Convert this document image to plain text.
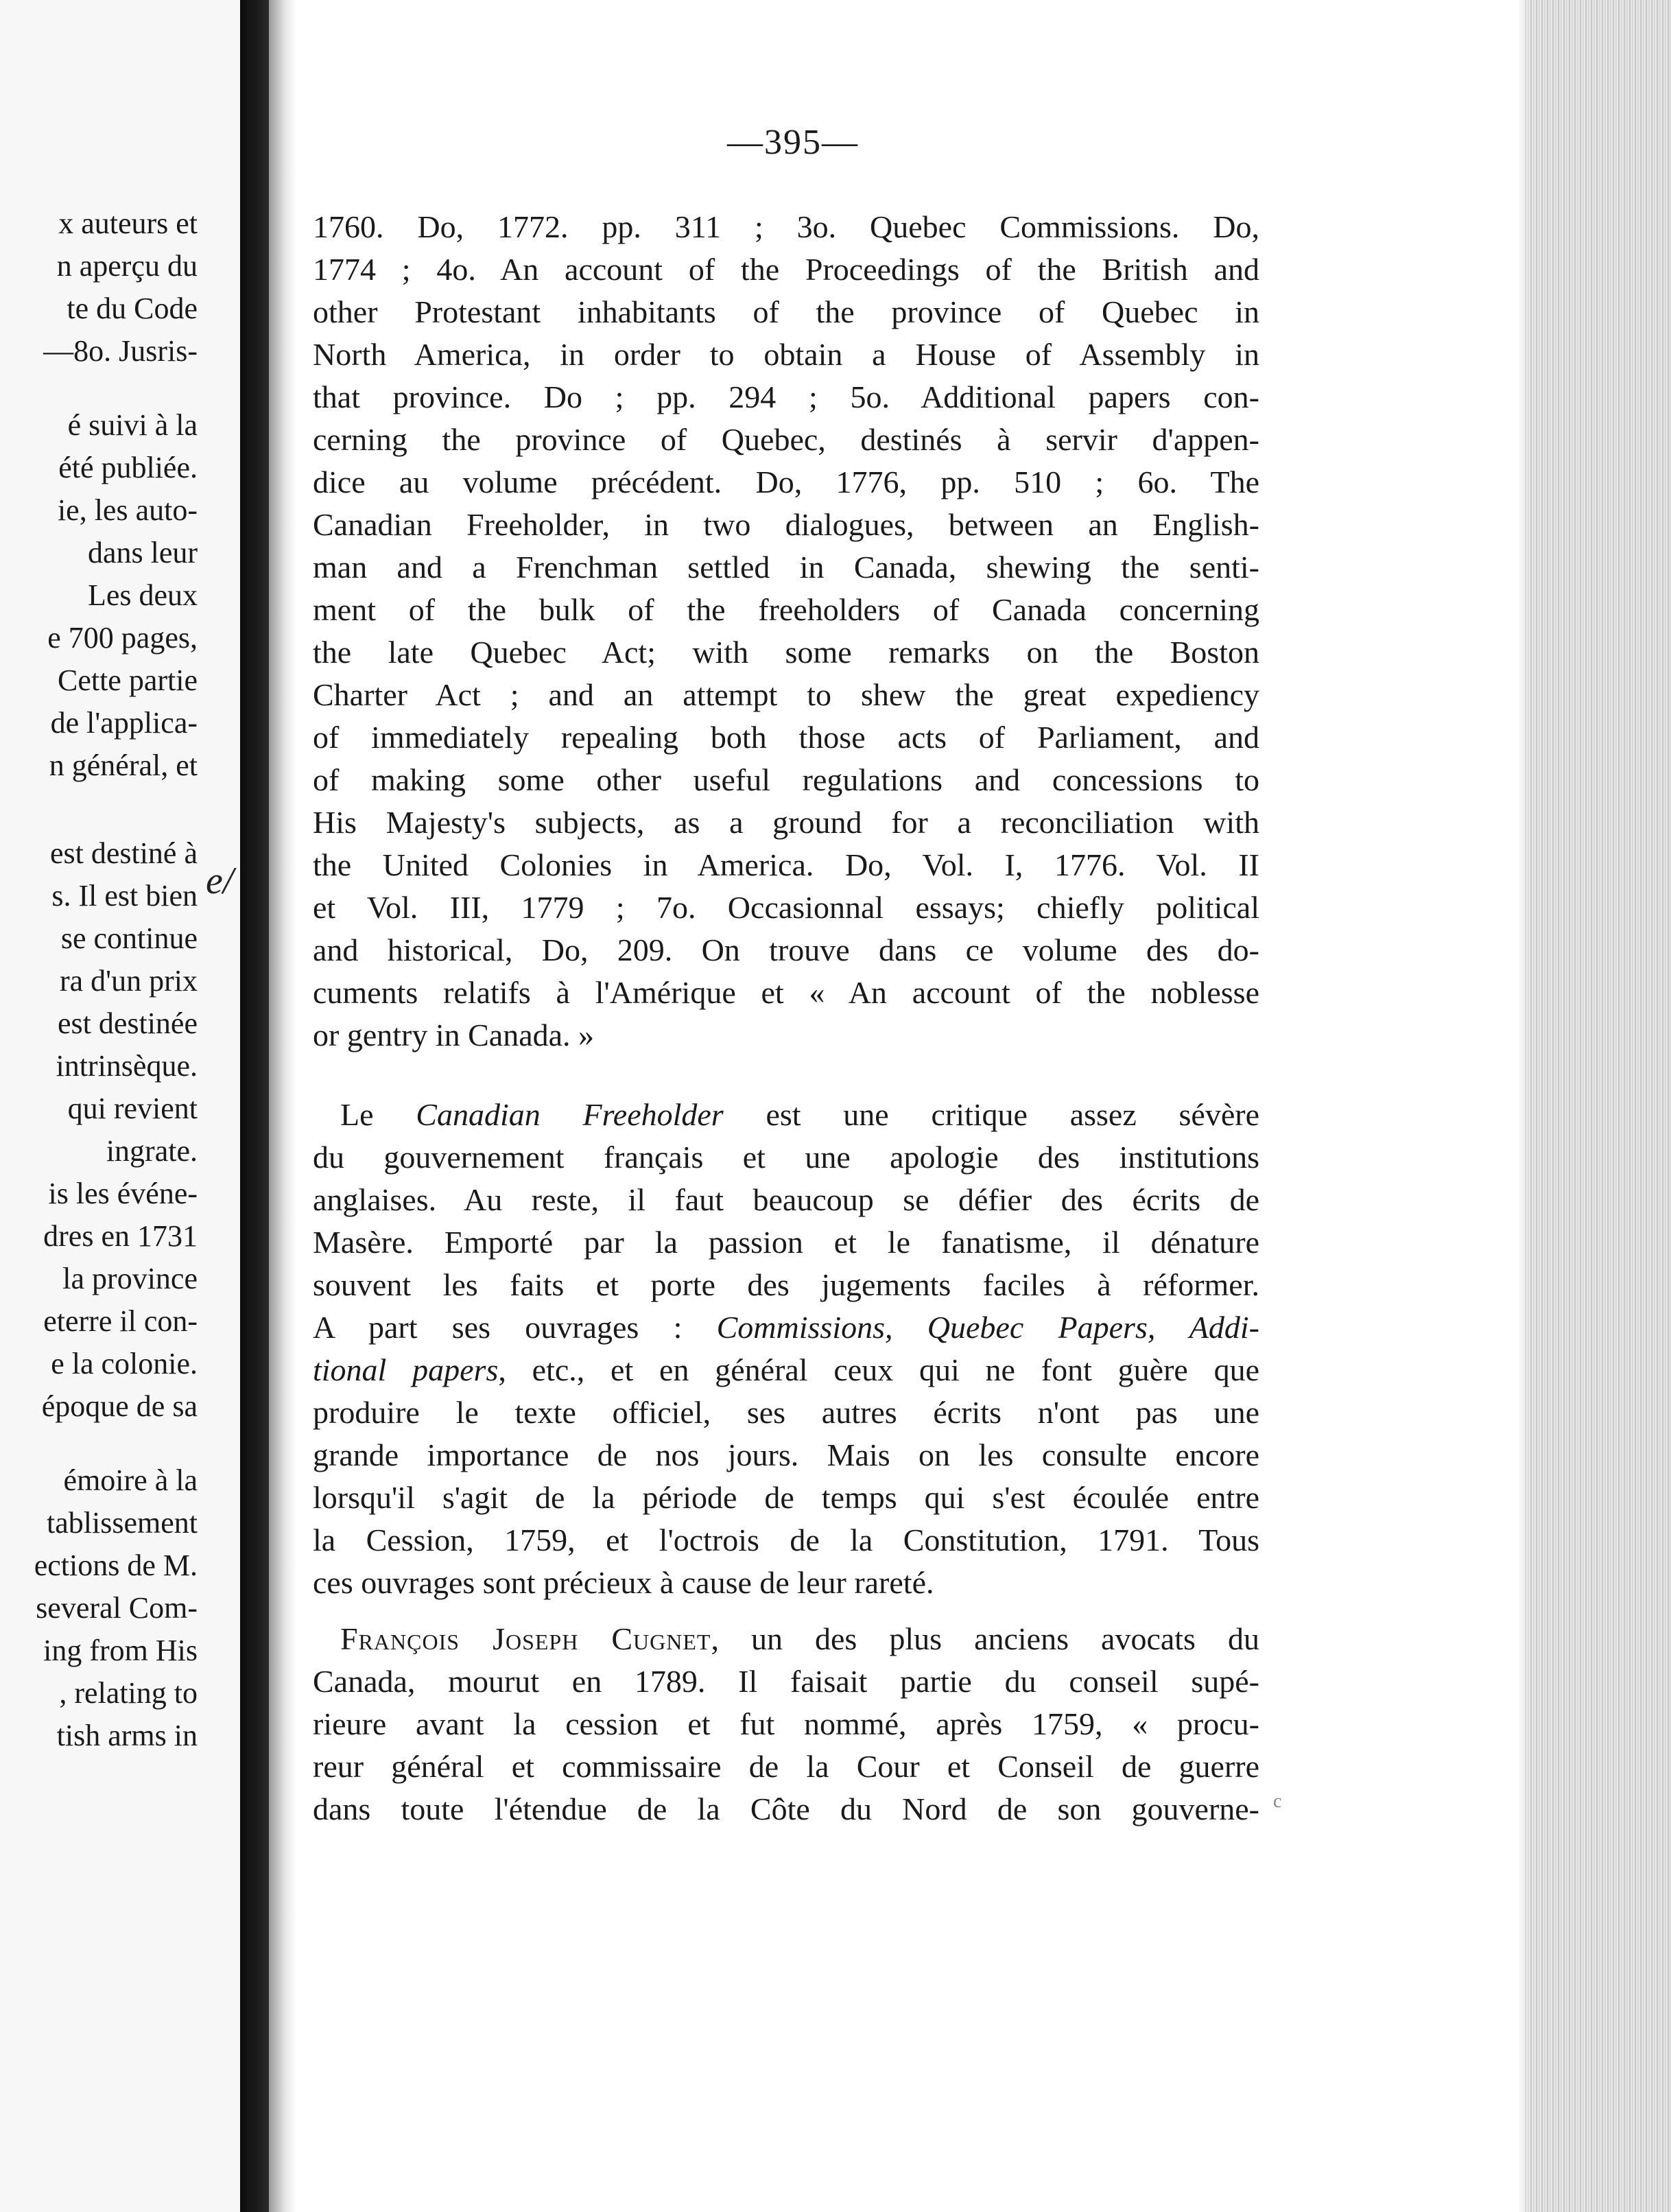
x auteurs et
n aperçu du
te du Code
—8o. Jusris-
é suivi à la
été publiée.
ie, les auto-
dans leur
Les deux
e 700 pages,
Cette partie
de l'applica-
n général, et
est destiné à
s. Il est bien
se continue
ra d'un prix
est destinée
intrinsèque.
qui revient
ingrate.
is les événe-
dres en 1731
la province
eterre il con-
e la colonie.
époque de sa
émoire à la
tablissement
ections de M.
several Com-
ing from His
, relating to
tish arms in
e/
—395—
1760. Do, 1772. pp. 311 ; 3o. Quebec Commissions. Do,
1774 ; 4o. An account of the Proceedings of the British and
other Protestant inhabitants of the province of Quebec in
North America, in order to obtain a House of Assembly in
that province. Do ; pp. 294 ; 5o. Additional papers con-
cerning the province of Quebec, destinés à servir d'appen-
dice au volume précédent. Do, 1776, pp. 510 ; 6o. The
Canadian Freeholder, in two dialogues, between an English-
man and a Frenchman settled in Canada, shewing the senti-
ment of the bulk of the freeholders of Canada concerning
the late Quebec Act; with some remarks on the Boston
Charter Act ; and an attempt to shew the great expediency
of immediately repealing both those acts of Parliament, and
of making some other useful regulations and concessions to
His Majesty's subjects, as a ground for a reconciliation with
the United Colonies in America. Do, Vol. I, 1776. Vol. II
et Vol. III, 1779 ; 7o. Occasionnal essays; chiefly political
and historical, Do, 209. On trouve dans ce volume des do-
cuments relatifs à l'Amérique et « An account of the noblesse
or gentry in Canada. »
Le Canadian Freeholder est une critique assez sévère
du gouvernement français et une apologie des institutions
anglaises. Au reste, il faut beaucoup se défier des écrits de
Masère. Emporté par la passion et le fanatisme, il dénature
souvent les faits et porte des jugements faciles à réformer.
A part ses ouvrages : Commissions, Quebec Papers, Addi-
tional papers, etc., et en général ceux qui ne font guère que
produire le texte officiel, ses autres écrits n'ont pas une
grande importance de nos jours. Mais on les consulte encore
lorsqu'il s'agit de la période de temps qui s'est écoulée entre
la Cession, 1759, et l'octrois de la Constitution, 1791. Tous
ces ouvrages sont précieux à cause de leur rareté.
François Joseph Cugnet, un des plus anciens avocats du
Canada, mourut en 1789. Il faisait partie du conseil supé-
rieure avant la cession et fut nommé, après 1759, « procu-
reur général et commissaire de la Cour et Conseil de guerre
dans toute l'étendue de la Côte du Nord de son gouverne- c
